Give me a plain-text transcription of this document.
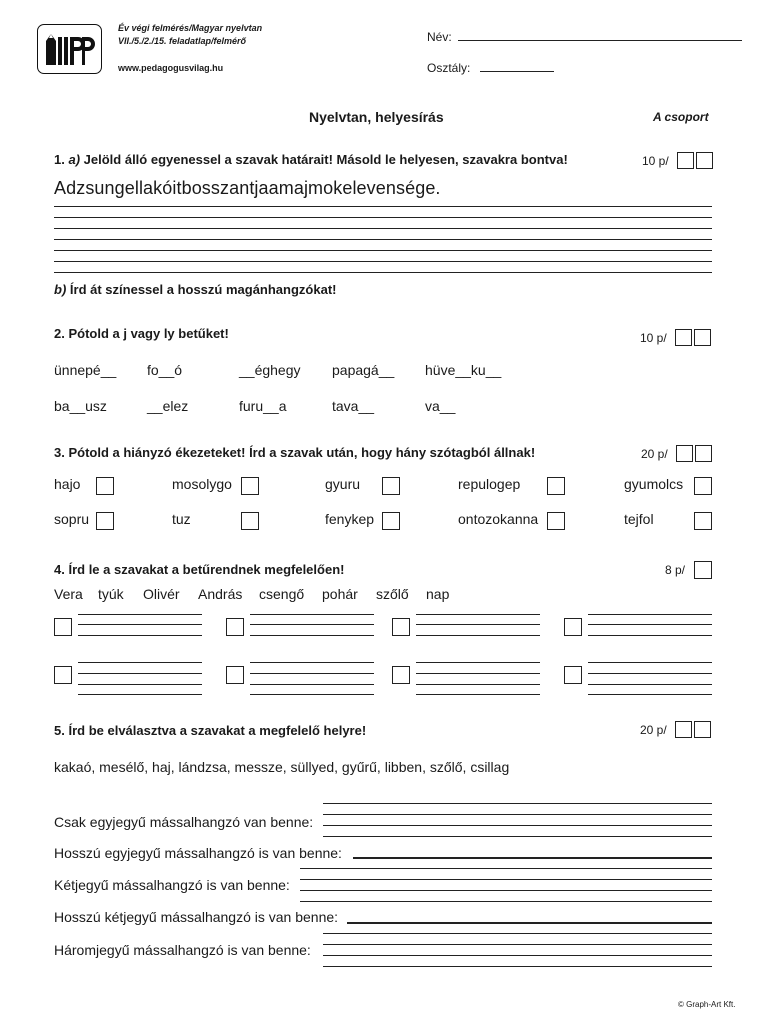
Év végi felmérés/Magyar nyelvtan
VII./5./2./15. feladatlap/felmérő
www.pedagogusvilag.hu
Név:
Osztály:
Nyelvtan, helyesírás	A csoport
1. a) Jelöld álló egyenessel a szavak határait! Másold le helyesen, szavakra bontva!	10 p/
Adzsungellakóitbosszantjaamajmokelevensége.
b) Írd át színessel a hosszú magánhangzókat!
2. Pótold a j vagy ly betűket!	10 p/
ünnepé__ fo__ó	__éghegy papagá__ hüve__ku__
ba__usz	__elez	furu__a	tava__	va__
3. Pótold a hiányzó ékezeteket! Írd a szavak után, hogy hány szótagból állnak!	20 p/
hajo	mosolygo	gyuru	repulogep	gyumolcs
sopru	tuz	fenykep	ontozokanna	tejfol
4. Írd le a szavakat a betűrendnek megfelelően!	8 p/
Vera tyúk Olivér András csengő pohár szőlő nap
5. Írd be elválasztva a szavakat a megfelelő helyre!	20 p/
kakaó, mesélő, haj, lándzsa, messze, süllyed, gyűrű, libben, szőlő, csillag
Csak egyjegyű mássalhangzó van benne:
Hosszú egyjegyű mássalhangzó is van benne:
Kétjegyű mássalhangzó is van benne:
Hosszú kétjegyű mássalhangzó is van benne:
Háromjegyű mássalhangzó is van benne:
© Graph-Art Kft.
